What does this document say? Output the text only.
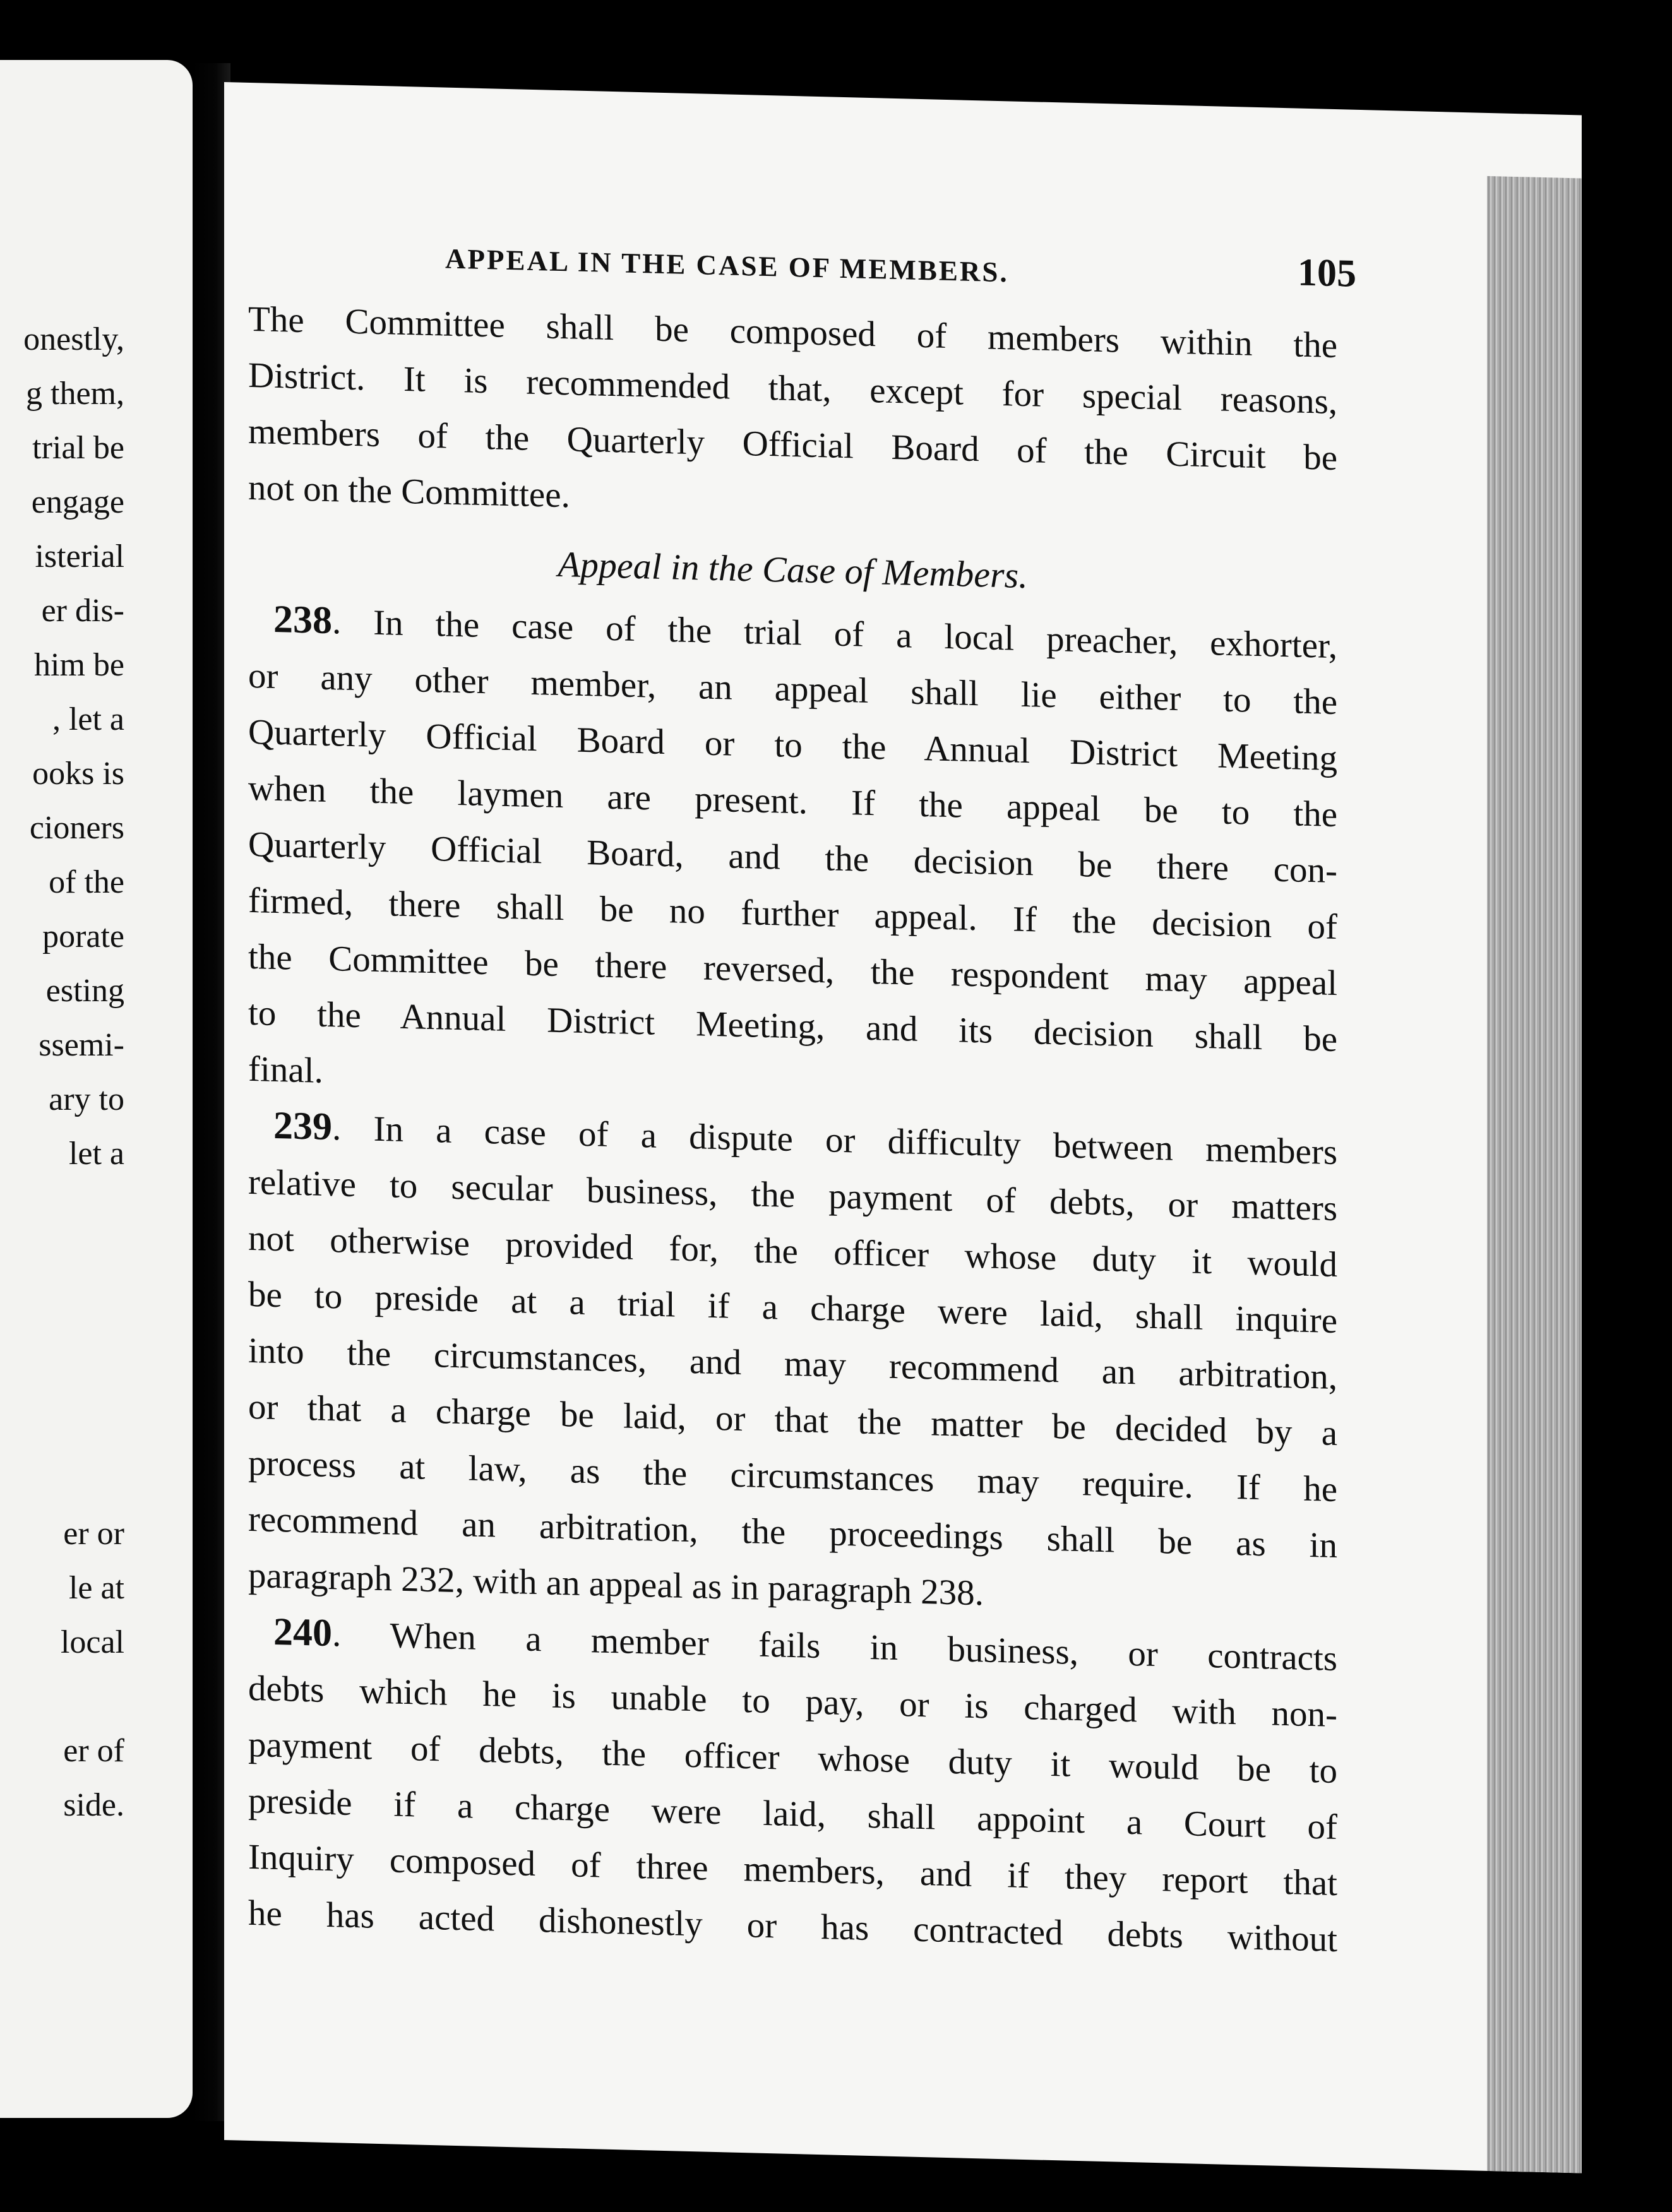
onestly,
g them,
trial be
engage
isterial
er dis-
him be
, let a
ooks is
cioners
of the
porate
esting
ssemi-
ary to
let a
er or
le at
local
er of
side.
APPEAL IN THE CASE OF MEMBERS.	105
The Committee shall be composed of members within the
District. It is recommended that, except for special reasons,
members of the Quarterly Official Board of the Circuit be
not on the Committee.
Appeal in the Case of Members.
238. In the case of the trial of a local preacher, exhorter,
or any other member, an appeal shall lie either to the
Quarterly Official Board or to the Annual District Meeting
when the laymen are present. If the appeal be to the
Quarterly Official Board, and the decision be there con-
firmed, there shall be no further appeal. If the decision of
the Committee be there reversed, the respondent may appeal
to the Annual District Meeting, and its decision shall be
final.
239. In a case of a dispute or difficulty between members
relative to secular business, the payment of debts, or matters
not otherwise provided for, the officer whose duty it would
be to preside at a trial if a charge were laid, shall inquire
into the circumstances, and may recommend an arbitration,
or that a charge be laid, or that the matter be decided by a
process at law, as the circumstances may require. If he
recommend an arbitration, the proceedings shall be as in
paragraph 232, with an appeal as in paragraph 238.
240. When a member fails in business, or contracts
debts which he is unable to pay, or is charged with non-
payment of debts, the officer whose duty it would be to
preside if a charge were laid, shall appoint a Court of
Inquiry composed of three members, and if they report that
he has acted dishonestly or has contracted debts without
